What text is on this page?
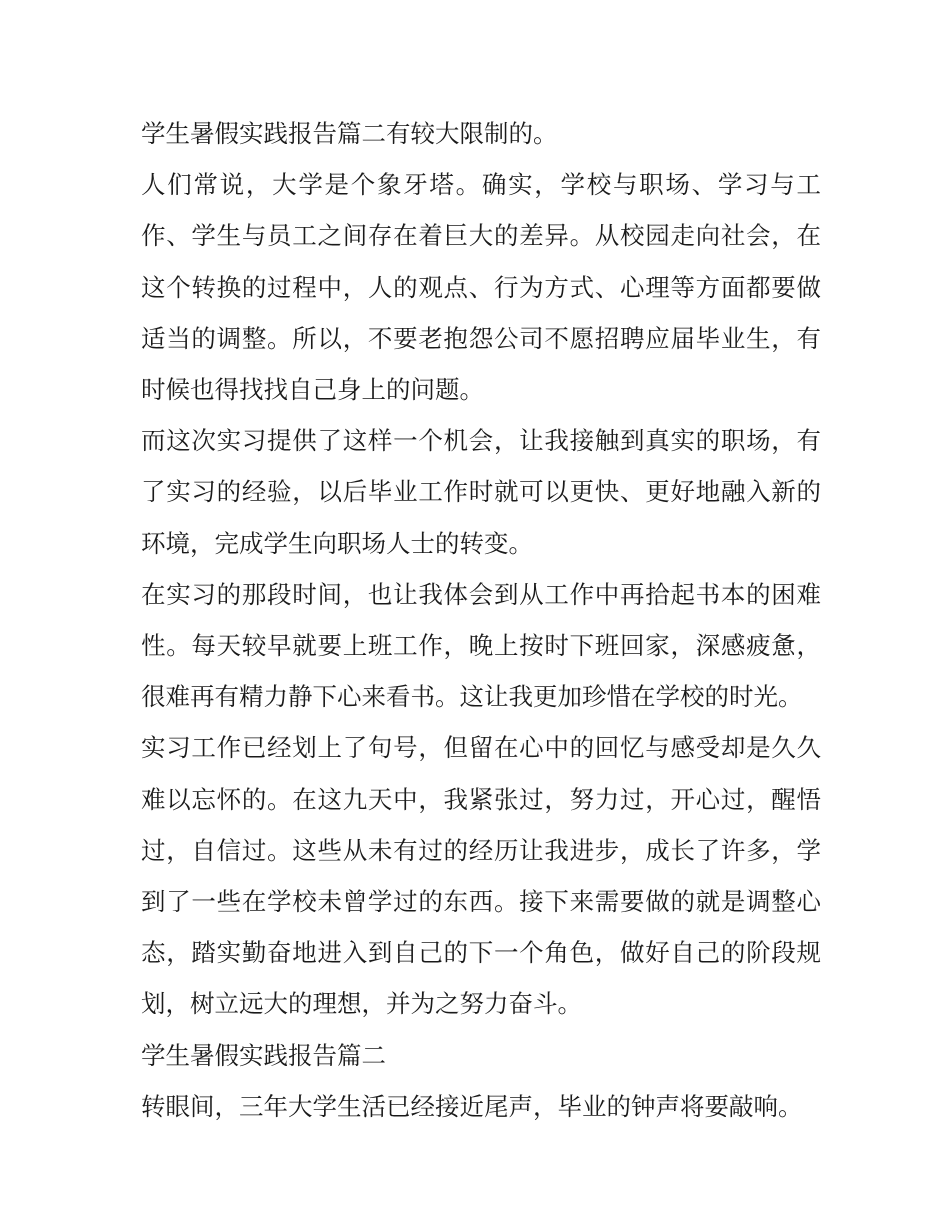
学生暑假实践报告篇二有较大限制的。

人们常说，大学是个象牙塔。确实，学校与职场、学习与工作、学生与员工之间存在着巨大的差异。从校园走向社会，在这个转换的过程中，人的观点、行为方式、心理等方面都要做适当的调整。所以，不要老抱怨公司不愿招聘应届毕业生，有时候也得找找自己身上的问题。

而这次实习提供了这样一个机会，让我接触到真实的职场，有了实习的经验，以后毕业工作时就可以更快、更好地融入新的环境，完成学生向职场人士的转变。

在实习的那段时间，也让我体会到从工作中再拾起书本的困难性。每天较早就要上班工作，晚上按时下班回家，深感疲惫，很难再有精力静下心来看书。这让我更加珍惜在学校的时光。

实习工作已经划上了句号，但留在心中的回忆与感受却是久久难以忘怀的。在这九天中，我紧张过，努力过，开心过，醒悟过，自信过。这些从未有过的经历让我进步，成长了许多，学到了一些在学校未曾学过的东西。接下来需要做的就是调整心态，踏实勤奋地进入到自己的下一个角色，做好自己的阶段规划，树立远大的理想，并为之努力奋斗。

学生暑假实践报告篇二

转眼间，三年大学生活已经接近尾声，毕业的钟声将要敲响。
